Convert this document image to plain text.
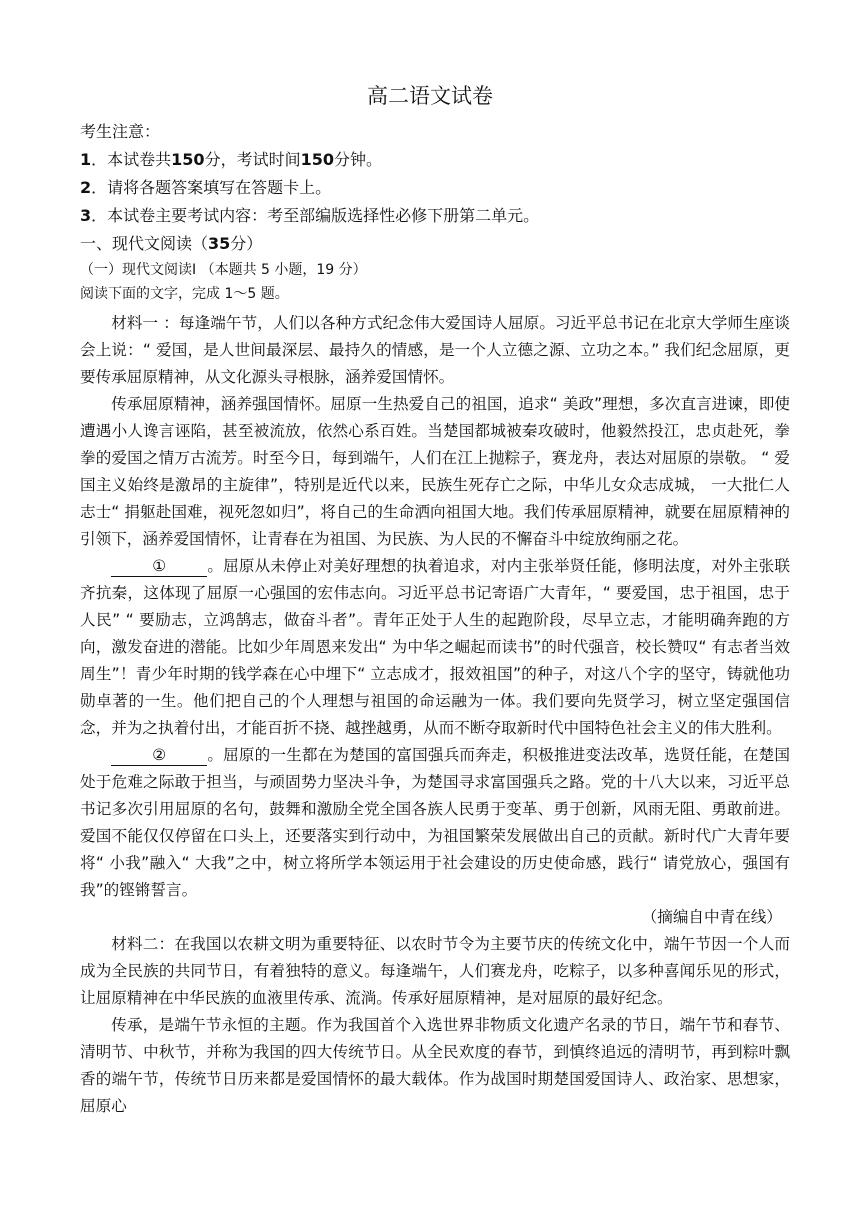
高二语文试卷
考生注意：
1．本试卷共150分，考试时间150分钟。
2．请将各题答案填写在答题卡上。
3．本试卷主要考试内容：考至部编版选择性必修下册第二单元。
一、现代文阅读（35分）
（一）现代文阅读Ⅰ （本题共 5 小题，19 分）
阅读下面的文字，完成 1～5 题。

材料一 ：每逢端午节，人们以各种方式纪念伟大爱国诗人屈原。习近平总书记在北京大学师生座谈会上说：“ 爱国，是人世间最深层、最持久的情感，是一个人立德之源、立功之本。” 我们纪念屈原，更要传承屈原精神，从文化源头寻根脉，涵养爱国情怀。

传承屈原精神，涵养强国情怀。屈原一生热爱自己的祖国，追求“ 美政”理想，多次直言进谏，即使遭遇小人谗言诬陷，甚至被流放，依然心系百姓。当楚国都城被秦攻破时，他毅然投江，忠贞赴死，拳拳的爱国之情万古流芳。时至今日，每到端午，人们在江上抛粽子，赛龙舟，表达对屈原的崇敬。 “ 爱国主义始终是激昂的主旋律”，特别是近代以来，民族生死存亡之际，中华儿女众志成城， 一大批仁人志士“ 捐躯赴国难，视死忽如归”，将自己的生命洒向祖国大地。我们传承屈原精神，就要在屈原精神的引领下，涵养爱国情怀，让青春在为祖国、为民族、为人民的不懈奋斗中绽放绚丽之花。

①	。屈原从未停止对美好理想的执着追求，对内主张举贤任能，修明法度，对外主张联齐抗秦，这体现了屈原一心强国的宏伟志向。习近平总书记寄语广大青年，“ 要爱国，忠于祖国，忠于人民” “ 要励志，立鸿鹄志，做奋斗者”。青年正处于人生的起跑阶段，尽早立志，才能明确奔跑的方向，激发奋进的潜能。比如少年周恩来发出“ 为中华之崛起而读书”的时代强音，校长赞叹“ 有志者当效周生”！青少年时期的钱学森在心中埋下“ 立志成才，报效祖国”的种子，对这八个字的坚守，铸就他功勋卓著的一生。他们把自己的个人理想与祖国的命运融为一体。我们要向先贤学习，树立坚定强国信念，并为之执着付出，才能百折不挠、越挫越勇，从而不断夺取新时代中国特色社会主义的伟大胜利。

②	。屈原的一生都在为楚国的富国强兵而奔走，积极推进变法改革，选贤任能，在楚国处于危难之际敢于担当，与顽固势力坚决斗争，为楚国寻求富国强兵之路。党的十八大以来，习近平总书记多次引用屈原的名句，鼓舞和激励全党全国各族人民勇于变革、勇于创新，风雨无阻、勇敢前进。爱国不能仅仅停留在口头上，还要落实到行动中，为祖国繁荣发展做出自己的贡献。新时代广大青年要将“ 小我”融入“ 大我”之中，树立将所学本领运用于社会建设的历史使命感，践行“ 请党放心，强国有我”的铿锵誓言。

（摘编自中青在线）

材料二：在我国以农耕文明为重要特征、以农时节令为主要节庆的传统文化中，端午节因一个人而成为全民族的共同节日，有着独特的意义。每逢端午，人们赛龙舟，吃粽子，以多种喜闻乐见的形式，让屈原精神在中华民族的血液里传承、流淌。传承好屈原精神，是对屈原的最好纪念。

传承，是端午节永恒的主题。作为我国首个入选世界非物质文化遗产名录的节日，端午节和春节、清明节、中秋节，并称为我国的四大传统节日。从全民欢度的春节，到慎终追远的清明节，再到粽叶飘香的端午节，传统节日历来都是爱国情怀的最大载体。作为战国时期楚国爱国诗人、政治家、思想家，屈原心
